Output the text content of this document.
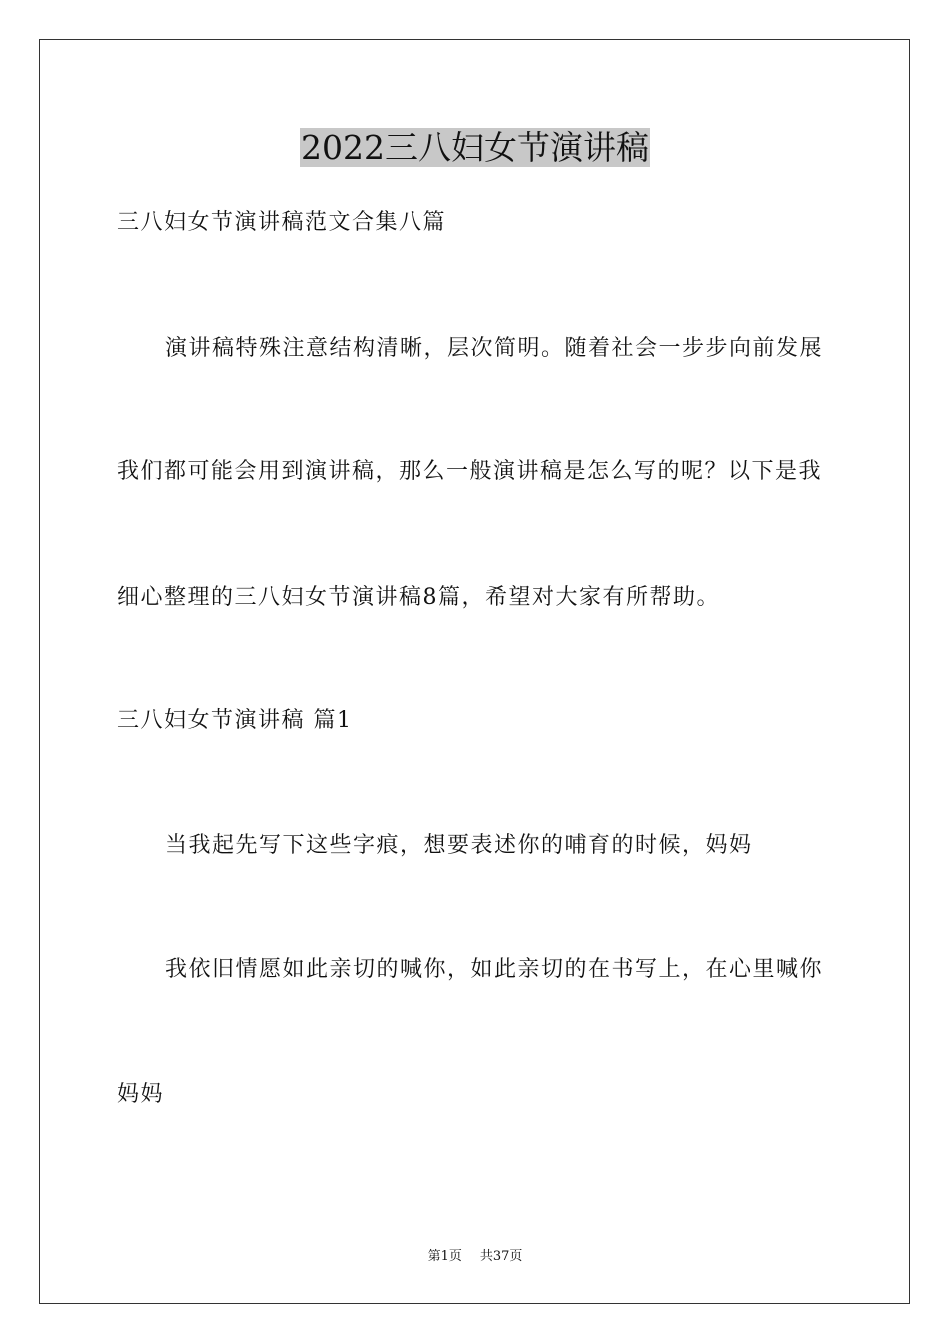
2022三八妇女节演讲稿
三八妇女节演讲稿范文合集八篇
演讲稿特殊注意结构清晰，层次简明。随着社会一步步向前发展
我们都可能会用到演讲稿，那么一般演讲稿是怎么写的呢？以下是我
细心整理的三八妇女节演讲稿8篇，希望对大家有所帮助。
三八妇女节演讲稿 篇1
当我起先写下这些字痕，想要表述你的哺育的时候，妈妈
我依旧情愿如此亲切的喊你，如此亲切的在书写上，在心里喊你
妈妈
第1页 共37页
